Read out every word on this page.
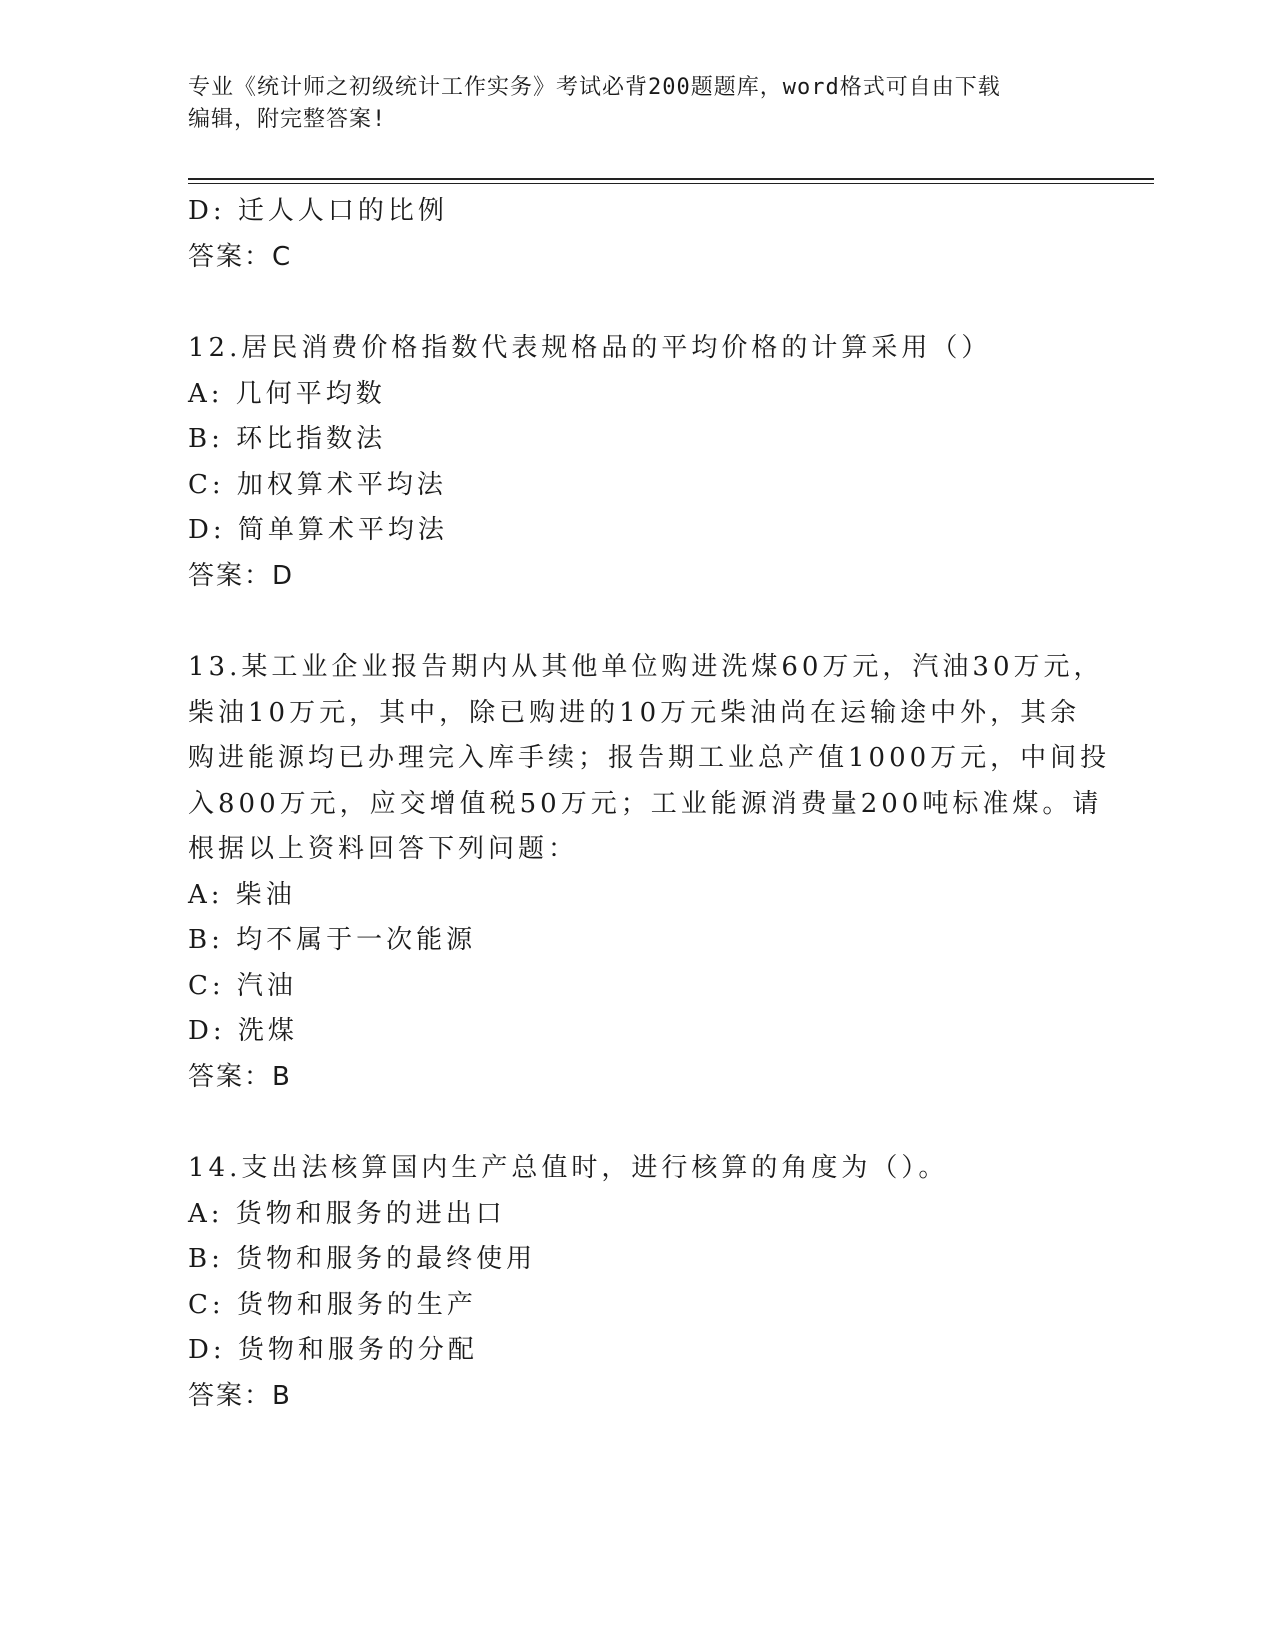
专业《统计师之初级统计工作实务》考试必背200题题库，word格式可自由下载
编辑，附完整答案!
D: 迁人人口的比例
答案：C
12.居民消费价格指数代表规格品的平均价格的计算采用（）
A: 几何平均数
B: 环比指数法
C: 加权算术平均法
D: 简单算术平均法
答案：D
13.某工业企业报告期内从其他单位购进洗煤60万元，汽油30万元，
柴油10万元，其中，除已购进的10万元柴油尚在运输途中外，其余
购进能源均已办理完入库手续；报告期工业总产值1000万元，中间投
入800万元，应交增值税50万元；工业能源消费量200吨标准煤。请
根据以上资料回答下列问题：
A: 柴油
B: 均不属于一次能源
C: 汽油
D: 洗煤
答案：B
14.支出法核算国内生产总值时，进行核算的角度为（）。
A: 货物和服务的进出口
B: 货物和服务的最终使用
C: 货物和服务的生产
D: 货物和服务的分配
答案：B
